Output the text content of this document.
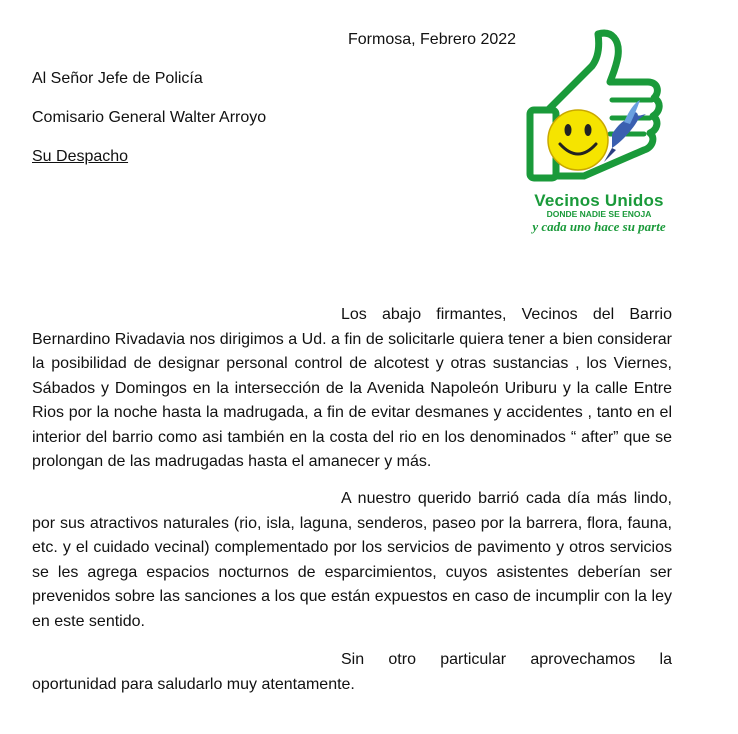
Formosa, Febrero 2022
Al Señor Jefe de Policía
Comisario General Walter Arroyo
Su Despacho
Vecinos Unidos
DONDE NADIE SE ENOJA
y cada uno hace su parte
Los abajo firmantes, Vecinos del Barrio
Bernardino Rivadavia nos dirigimos a Ud. a fin de solicitarle quiera tener a bien considerar
la posibilidad de designar personal control de alcotest y otras sustancias , los Viernes,
Sábados y Domingos en la intersección de la Avenida Napoleón Uriburu y la calle Entre
Rios por la noche hasta la madrugada, a fin de evitar desmanes y accidentes , tanto en el
interior del barrio como asi también en la costa del rio en los denominados “ after” que se
prolongan de las madrugadas hasta el amanecer y más.
A nuestro querido barrió cada día más lindo,
por sus atractivos naturales (rio, isla, laguna, senderos, paseo por la barrera, flora, fauna,
etc. y el cuidado vecinal) complementado por los servicios de pavimento y otros servicios
se les agrega espacios nocturnos de esparcimientos, cuyos asistentes deberían ser
prevenidos sobre las sanciones a los que están expuestos en caso de incumplir con la ley
en este sentido.
Sin otro particular aprovechamos la
oportunidad para saludarlo muy atentamente.
